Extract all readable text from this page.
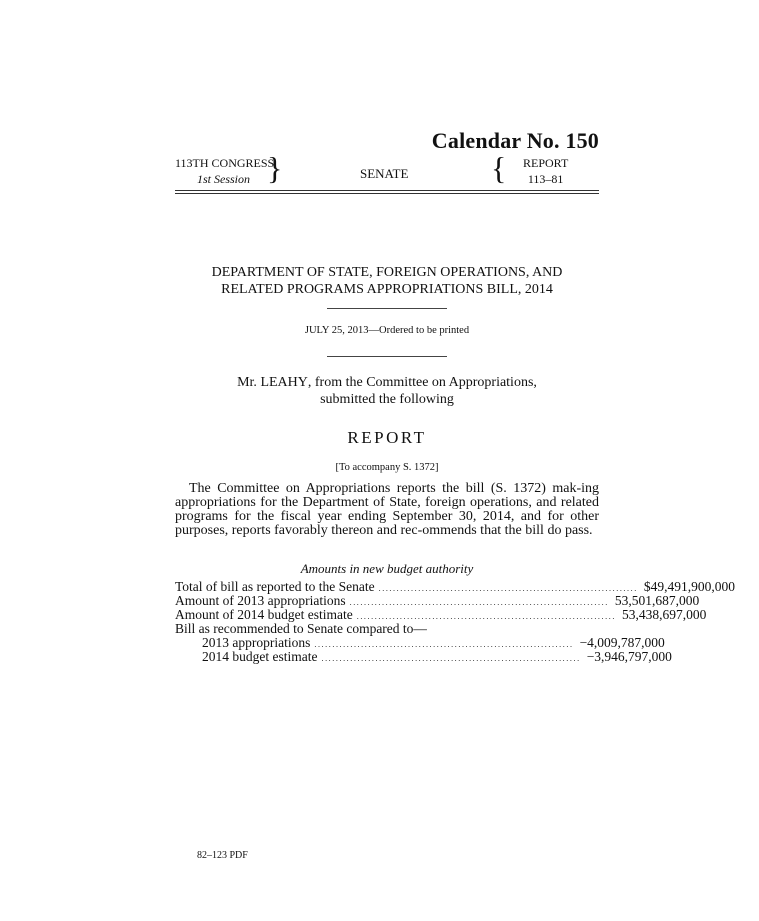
Calendar No. 150
113TH CONGRESS
1st Session }	SENATE	{ REPORT
113–81
DEPARTMENT OF STATE, FOREIGN OPERATIONS, AND
RELATED PROGRAMS APPROPRIATIONS BILL, 2014
JULY 25, 2013—Ordered to be printed
Mr. LEAHY, from the Committee on Appropriations,
submitted the following
REPORT
[To accompany S. 1372]
The Committee on Appropriations reports the bill (S. 1372) mak-ing appropriations for the Department of State, foreign operations, and related programs for the fiscal year ending September 30, 2014, and for other purposes, reports favorably thereon and rec-ommends that the bill do pass.
Amounts in new budget authority
Total of bill as reported to the Senate ........................................................................ $49,491,900,000
Amount of 2013 appropriations ........................................................................ 53,501,687,000
Amount of 2014 budget estimate ........................................................................ 53,438,697,000
Bill as recommended to Senate compared to—
2013 appropriations ........................................................................ −4,009,787,000
2014 budget estimate ........................................................................ −3,946,797,000
82–123 PDF
